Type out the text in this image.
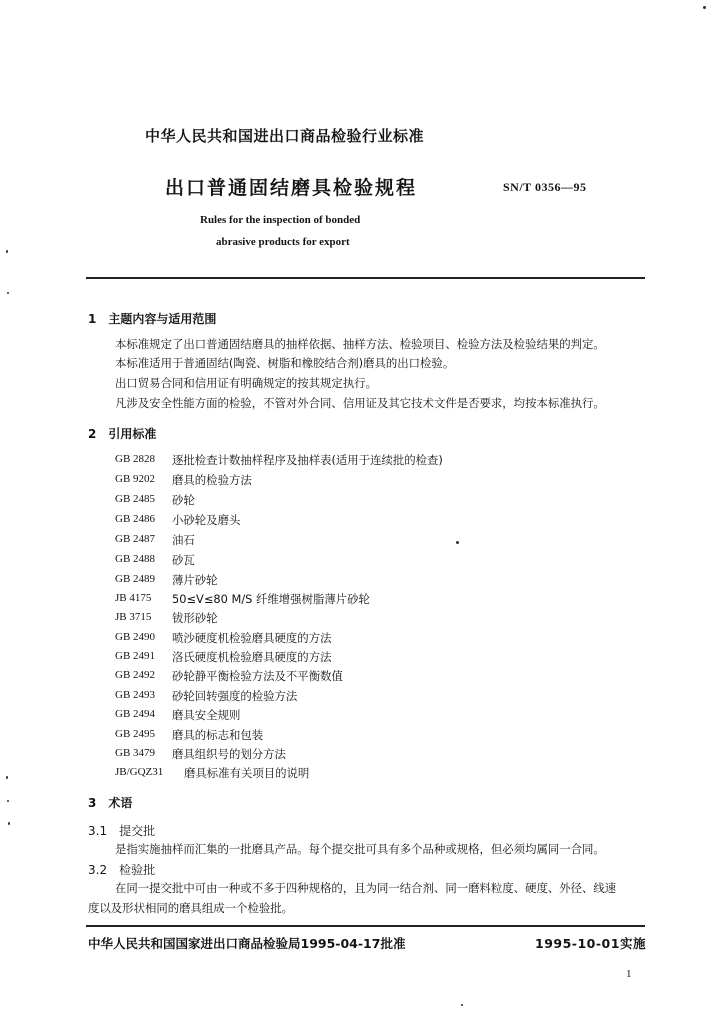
中华人民共和国进出口商品检验行业标准
出口普通固结磨具检验规程	SN/T 0356—95
Rules for the inspection of bonded
abrasive products for export
1　主题内容与适用范围
本标准规定了出口普通固结磨具的抽样依据、抽样方法、检验项目、检验方法及检验结果的判定。
本标准适用于普通固结(陶瓷、树脂和橡胶结合剂)磨具的出口检验。
出口贸易合同和信用证有明确规定的按其规定执行。
凡涉及安全性能方面的检验，不管对外合同、信用证及其它技术文件是否要求，均按本标准执行。
2　引用标准
GB 2828 逐批检查计数抽样程序及抽样表(适用于连续批的检查)
GB 9202 磨具的检验方法
GB 2485 砂轮
GB 2486 小砂轮及磨头
GB 2487 油石
GB 2488 砂瓦
GB 2489 薄片砂轮
JB 4175 50≤V≤80 M/S 纤维增强树脂薄片砂轮
JB 3715 钹形砂轮
GB 2490 喷沙硬度机检验磨具硬度的方法
GB 2491 洛氏硬度机检验磨具硬度的方法
GB 2492 砂轮静平衡检验方法及不平衡数值
GB 2493 砂轮回转强度的检验方法
GB 2494 磨具安全规则
GB 2495 磨具的标志和包装
GB 3479 磨具组织号的划分方法
JB/GQZ31 磨具标准有关项目的说明
3　术语
3.1　提交批
是指实施抽样而汇集的一批磨具产品。每个提交批可具有多个品种或规格，但必须均属同一合同。
3.2　检验批
在同一提交批中可由一种或不多于四种规格的，且为同一结合剂、同一磨料粒度、硬度、外径、线速
度以及形状相同的磨具组成一个检验批。
中华人民共和国国家进出口商品检验局1995-04-17批准	1995-10-01实施
1
